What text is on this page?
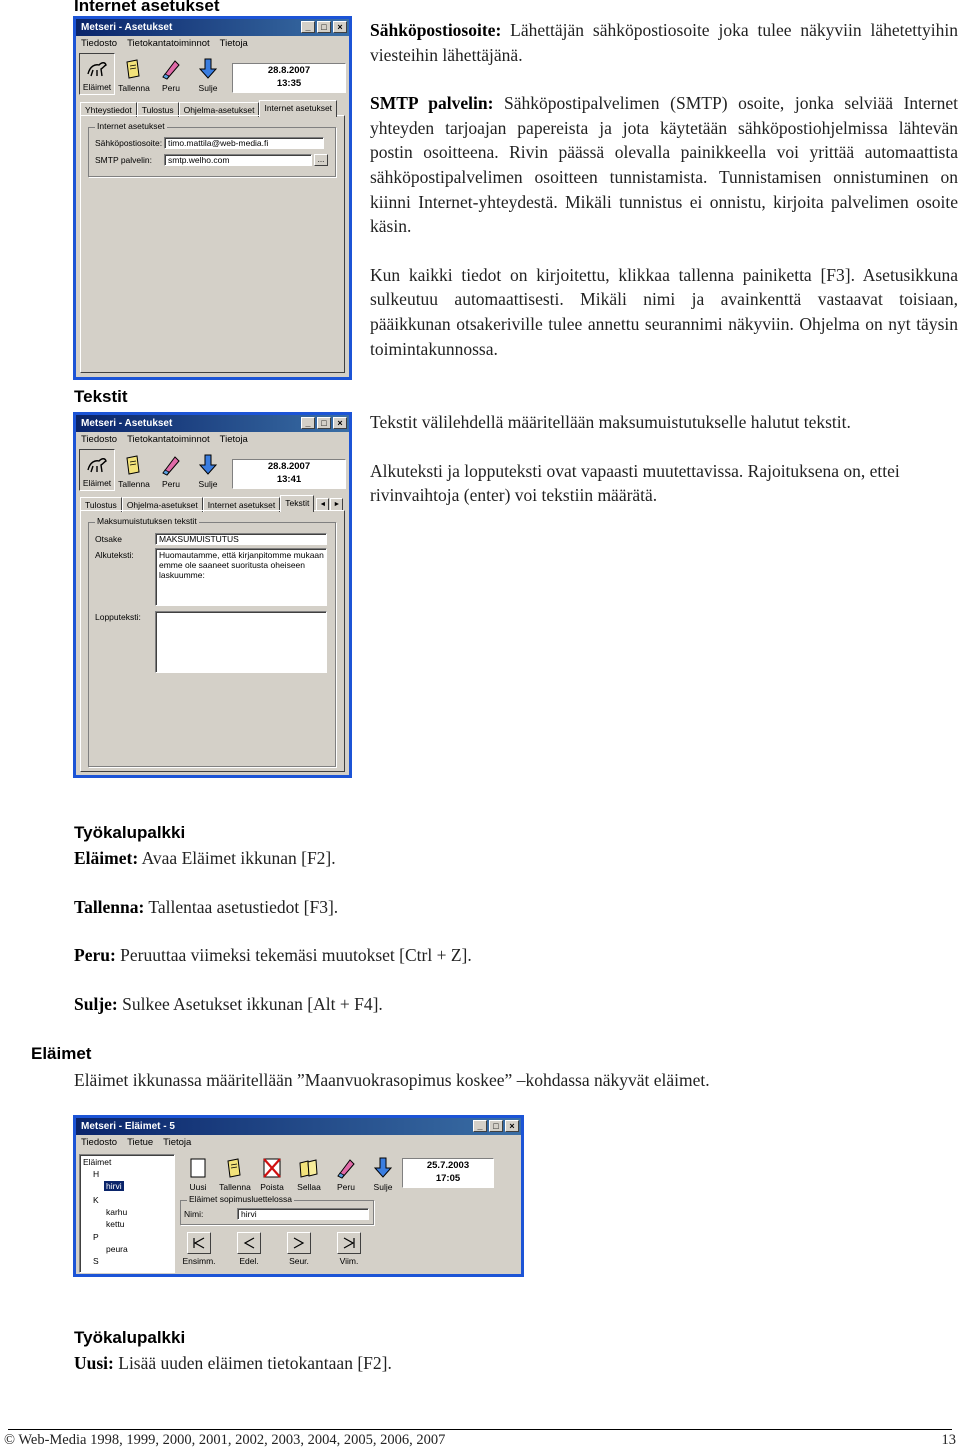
Internet asetukset
Metseri - Asetukset	_	□	×
Tiedosto Tietokantatoiminnot Tietoja
Eläimet Tallenna Peru Sulje
28.8.2007
13:35
Yhteystiedot	Tulostus	Ohjelma-asetukset	Internet asetukset
Internet asetukset
Sähköpostiosoite: timo.mattila@web-media.fi
SMTP palvelin:	smtp.welho.com	...

Sähköpostiosoite: Lähettäjän sähköpostiosoite joka tulee näkyviin lähetettyihin viesteihin lähettäjänä.

SMTP palvelin: Sähköpostipalvelimen (SMTP) osoite, jonka selviää Internet yhteyden tarjoajan papereista ja jota käytetään sähköpostiohjelmissa lähtevän postin osoitteena. Rivin päässä olevalla painikkeella voi yrittää automaattista sähköpostipalvelimen osoitteen tunnistamista. Tunnistamisen onnistuminen on kiinni Internet-yhteydestä. Mikäli tunnistus ei onnistu, kirjoita palvelimen osoite käsin.

Kun kaikki tiedot on kirjoitettu, klikkaa tallenna painiketta [F3]. Asetusikkuna sulkeutuu automaattisesti. Mikäli nimi ja avainkenttä vastaavat toisiaan, pääikkunan otsakeriville tulee annettu seurannimi näkyviin. Ohjelma on nyt täysin toimintakunnossa.

Tekstit
Metseri - Asetukset	_	□	×
Tiedosto Tietokantatoiminnot Tietoja
Eläimet Tallenna Peru Sulje
28.8.2007
13:41
Tulostus	Ohjelma-asetukset	Internet asetukset	Tekstit	◄	►
Maksumuistutuksen tekstit
Otsake	MAKSUMUISTUTUS
Alkuteksti:	Huomautamme, että kirjanpitomme mukaan emme ole saaneet suoritusta oheiseen laskuumme:
Lopputeksti:

Tekstit välilehdellä määritellään maksumuistutukselle halutut tekstit.

Alkuteksti ja lopputeksti ovat vapaasti muutettavissa. Rajoituksena on, ettei rivinvaihtoja (enter) voi tekstiin määrätä.

Työkalupalkki

Eläimet: Avaa Eläimet ikkunan [F2].

Tallenna: Tallentaa asetustiedot [F3].

Peru: Peruuttaa viimeksi tekemäsi muutokset [Ctrl + Z].

Sulje: Sulkee Asetukset ikkunan [Alt + F4].

Eläimet
Eläimet ikkunassa määritellään ”Maanvuokrasopimus koskee” –kohdassa näkyvät eläimet.
Metseri - Eläimet - 5	_	□	×
Tiedosto Tietue Tietoja
Eläimet
H
hirvi
K
karhu
kettu
P
peura
S
Uusi Tallenna Poista Sellaa Peru Sulje
25.7.2003
17:05
Eläimet sopimusluettelossa
Nimi:	hirvi
Ensimm.	Edel.	Seur.	Viim.
Työkalupalkki

Uusi: Lisää uuden eläimen tietokantaan [F2].

© Web-Media 1998, 1999, 2000, 2001, 2002, 2003, 2004, 2005, 2006, 2007	13
